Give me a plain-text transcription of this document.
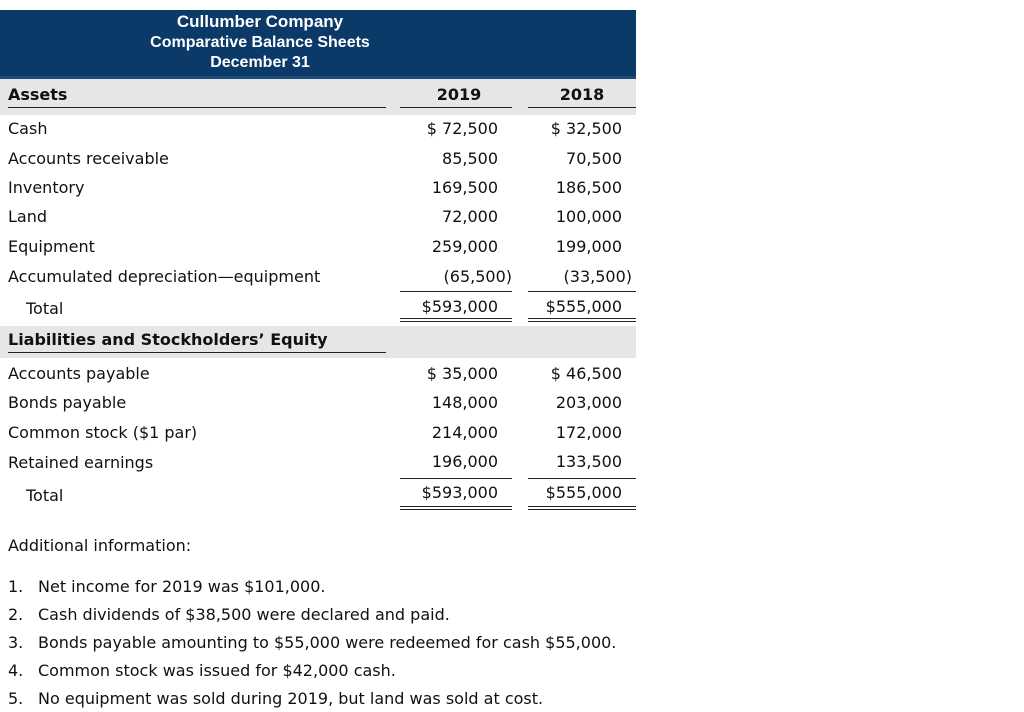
Cullumber Company
Comparative Balance Sheets
December 31
Assets	2019	2018
Cash	$ 72,500	$ 32,500
Accounts receivable	85,500	70,500
Inventory	169,500	186,500
Land	72,000	100,000
Equipment	259,000	199,000
Accumulated depreciation—equipment	(65,500)	(33,500)
Total	$593,000	$555,000
Liabilities and Stockholders’ Equity
Accounts payable	$ 35,000	$ 46,500
Bonds payable	148,000	203,000
Common stock ($1 par)	214,000	172,000
Retained earnings	196,000	133,500
Total	$593,000	$555,000
Additional information:
1. Net income for 2019 was $101,000.
2. Cash dividends of $38,500 were declared and paid.
3. Bonds payable amounting to $55,000 were redeemed for cash $55,000.
4. Common stock was issued for $42,000 cash.
5. No equipment was sold during 2019, but land was sold at cost.
